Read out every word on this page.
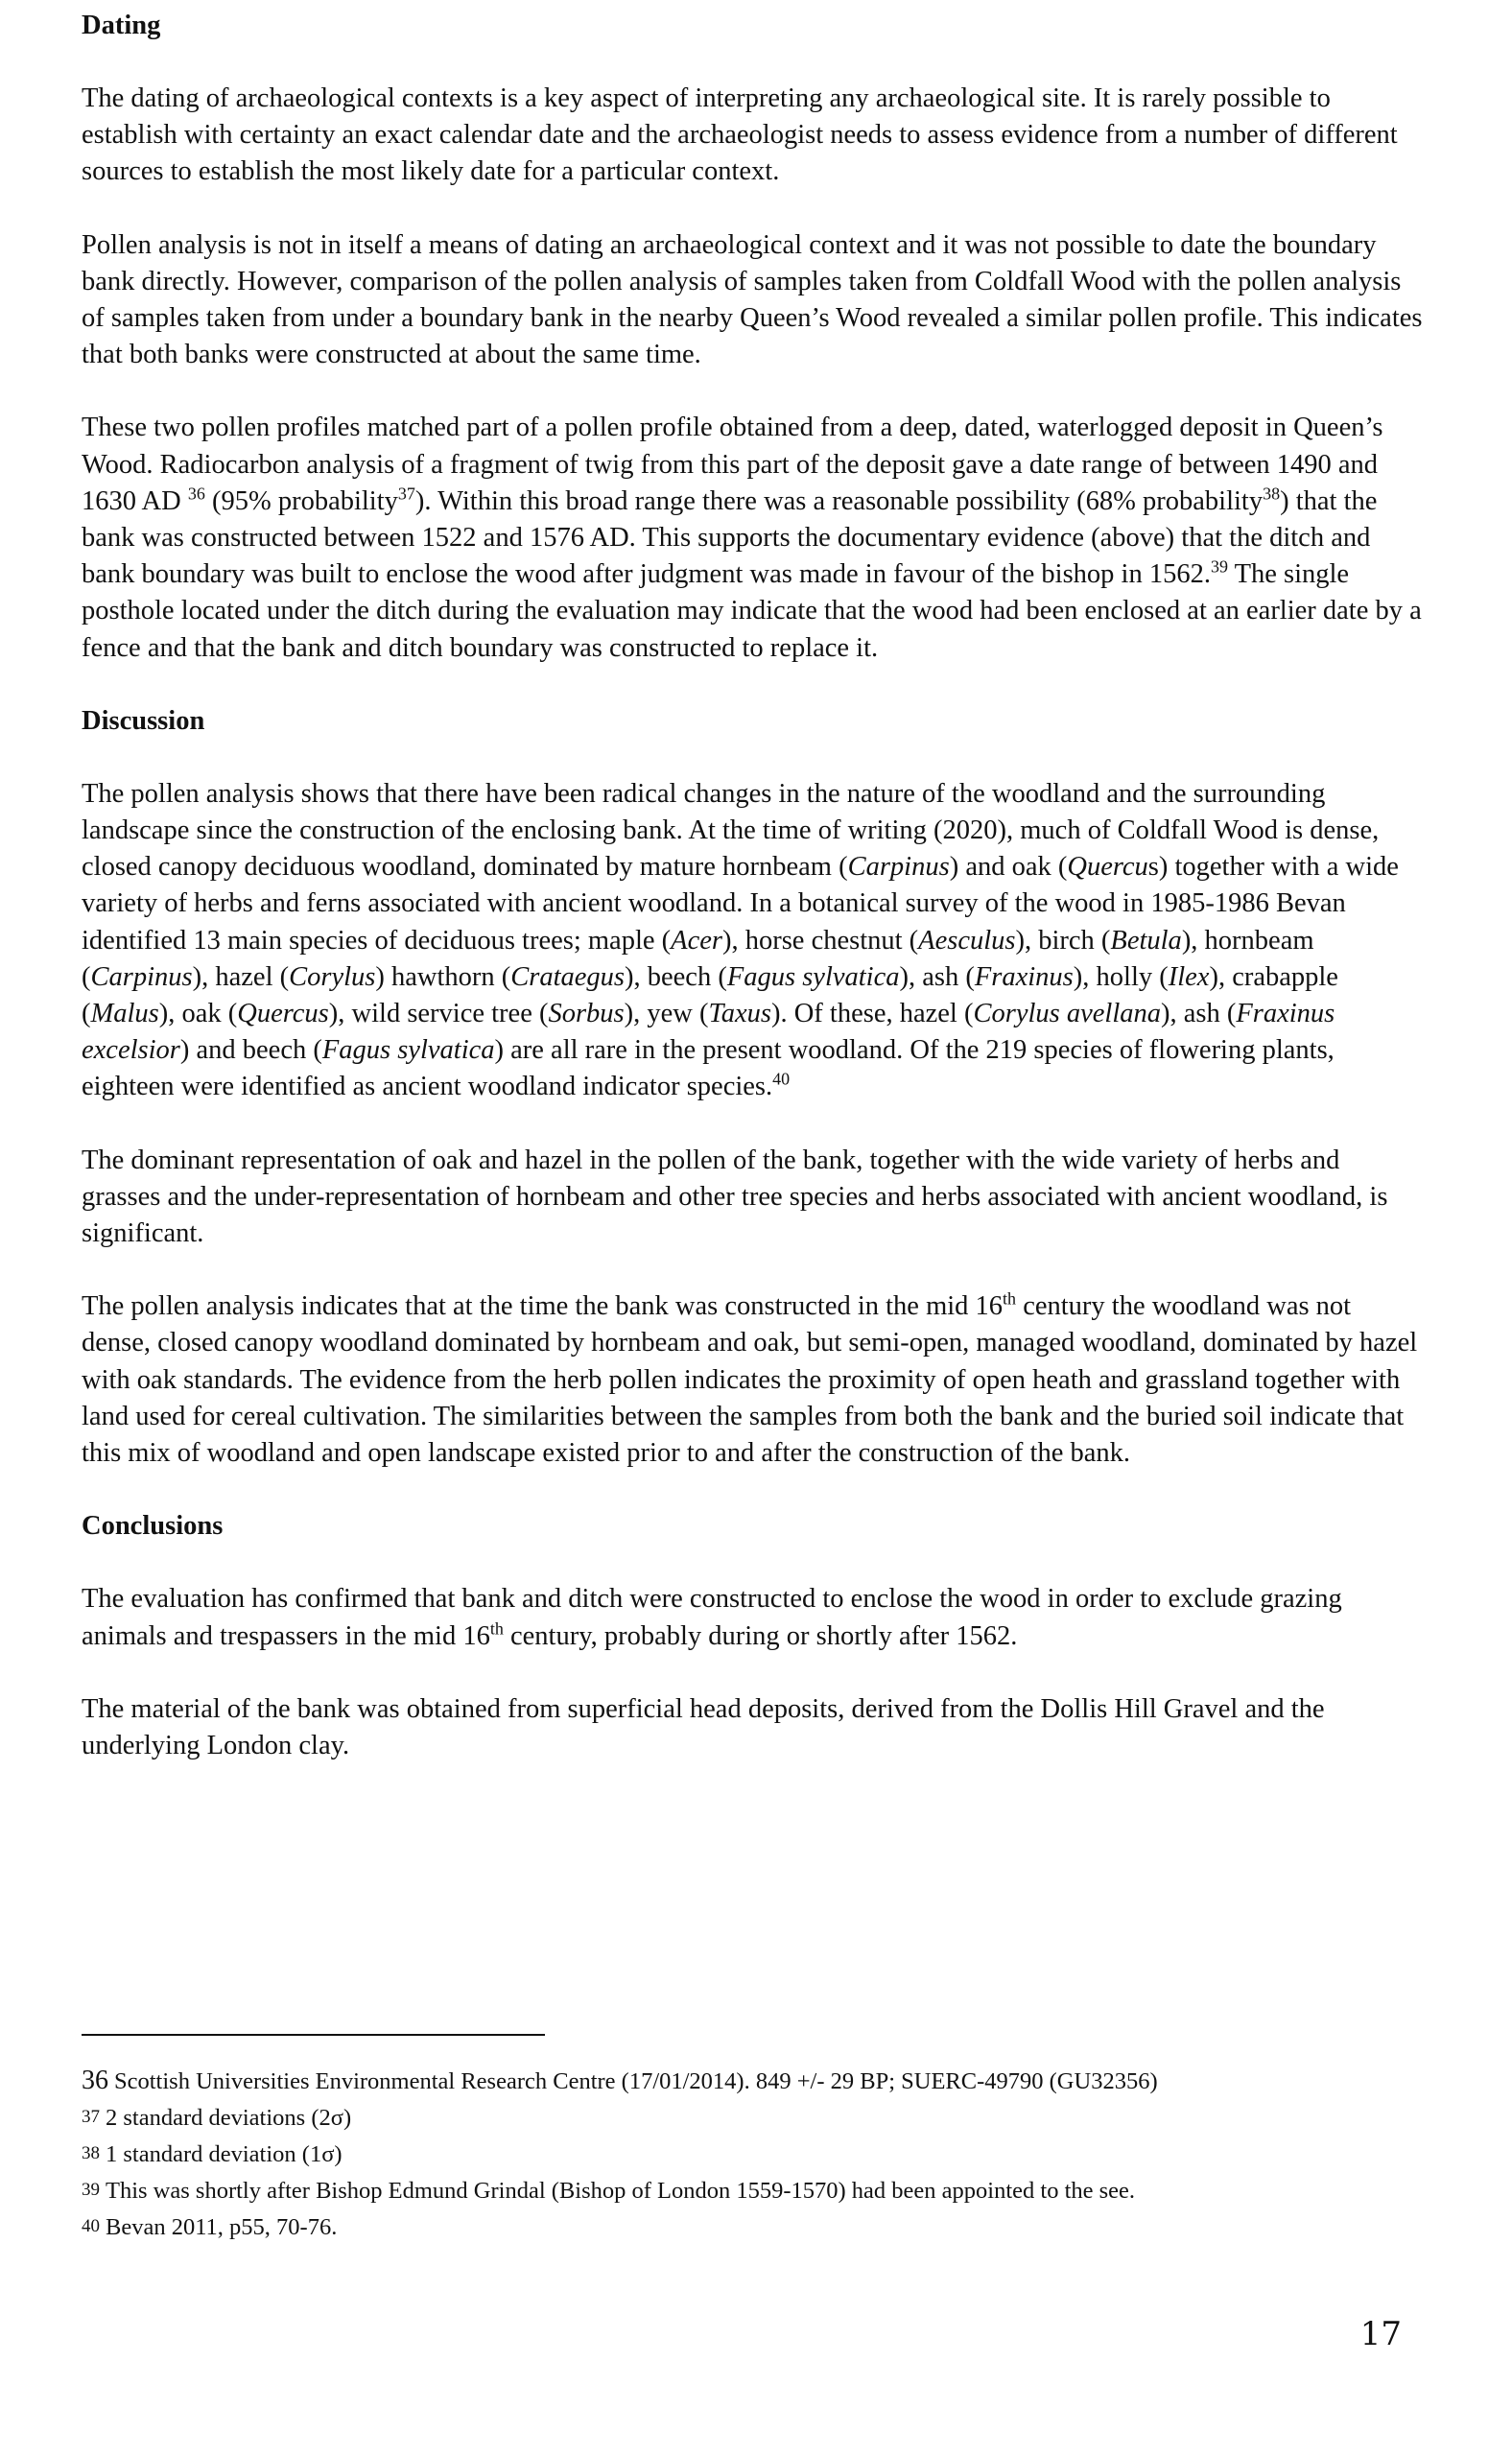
Dating

The dating of archaeological contexts is a key aspect of interpreting any archaeological site. It is rarely possible to establish with certainty an exact calendar date and the archaeologist needs to assess evidence from a number of different sources to establish the most likely date for a particular context.

Pollen analysis is not in itself a means of dating an archaeological context and it was not possible to date the boundary bank directly. However, comparison of the pollen analysis of samples taken from Coldfall Wood with the pollen analysis of samples taken from under a boundary bank in the nearby Queen’s Wood revealed a similar pollen profile. This indicates that both banks were constructed at about the same time.

These two pollen profiles matched part of a pollen profile obtained from a deep, dated, waterlogged deposit in Queen’s Wood. Radiocarbon analysis of a fragment of twig from this part of the deposit gave a date range of between 1490 and 1630 AD $^{36}$ (95% probability$^{37}$). Within this broad range there was a reasonable possibility (68% probability$^{38}$) that the bank was constructed between 1522 and 1576 AD. This supports the documentary evidence (above) that the ditch and bank boundary was built to enclose the wood after judgment was made in favour of the bishop in 1562.39 The single posthole located under the ditch during the evaluation may indicate that the wood had been enclosed at an earlier date by a fence and that the bank and ditch boundary was constructed to replace it.

Discussion

The pollen analysis shows that there have been radical changes in the nature of the woodland and the surrounding landscape since the construction of the enclosing bank. At the time of writing (2020), much of Coldfall Wood is dense, closed canopy deciduous woodland, dominated by mature hornbeam (Carpinus) and oak (Quercus) together with a wide variety of herbs and ferns associated with ancient woodland. In a botanical survey of the wood in 1985-1986 Bevan identified 13 main species of deciduous trees; maple (Acer), horse chestnut (Aesculus), birch (Betula), hornbeam (Carpinus), hazel (Corylus) hawthorn (Crataegus), beech (Fagus sylvatica), ash (Fraxinus), holly (Ilex), crabapple (Malus), oak (Quercus), wild service tree (Sorbus), yew (Taxus). Of these, hazel (Corylus avellana), ash (Fraxinus excelsior) and beech (Fagus sylvatica) are all rare in the present woodland. Of the 219 species of flowering plants, eighteen were identified as ancient woodland indicator species.$^{40}$

The dominant representation of oak and hazel in the pollen of the bank, together with the wide variety of herbs and grasses and the under-representation of hornbeam and other tree species and herbs associated with ancient woodland, is significant.

The pollen analysis indicates that at the time the bank was constructed in the mid 16th century the woodland was not dense, closed canopy woodland dominated by hornbeam and oak, but semi-open, managed woodland, dominated by hazel with oak standards. The evidence from the herb pollen indicates the proximity of open heath and grassland together with land used for cereal cultivation. The similarities between the samples from both the bank and the buried soil indicate that this mix of woodland and open landscape existed prior to and after the construction of the bank.

Conclusions

The evaluation has confirmed that bank and ditch were constructed to enclose the wood in order to exclude grazing animals and trespassers in the mid 16th century, probably during or shortly after 1562.

The material of the bank was obtained from superficial head deposits, derived from the Dollis Hill Gravel and the underlying London clay.

36 Scottish Universities Environmental Research Centre (17/01/2014). 849 +/- 29 BP; SUERC-49790 (GU32356)
37 2 standard deviations (2σ)
38 1 standard deviation (1σ)
39 This was shortly after Bishop Edmund Grindal (Bishop of London 1559-1570) had been appointed to the see.
40 Bevan 2011, p55, 70-76.
17
